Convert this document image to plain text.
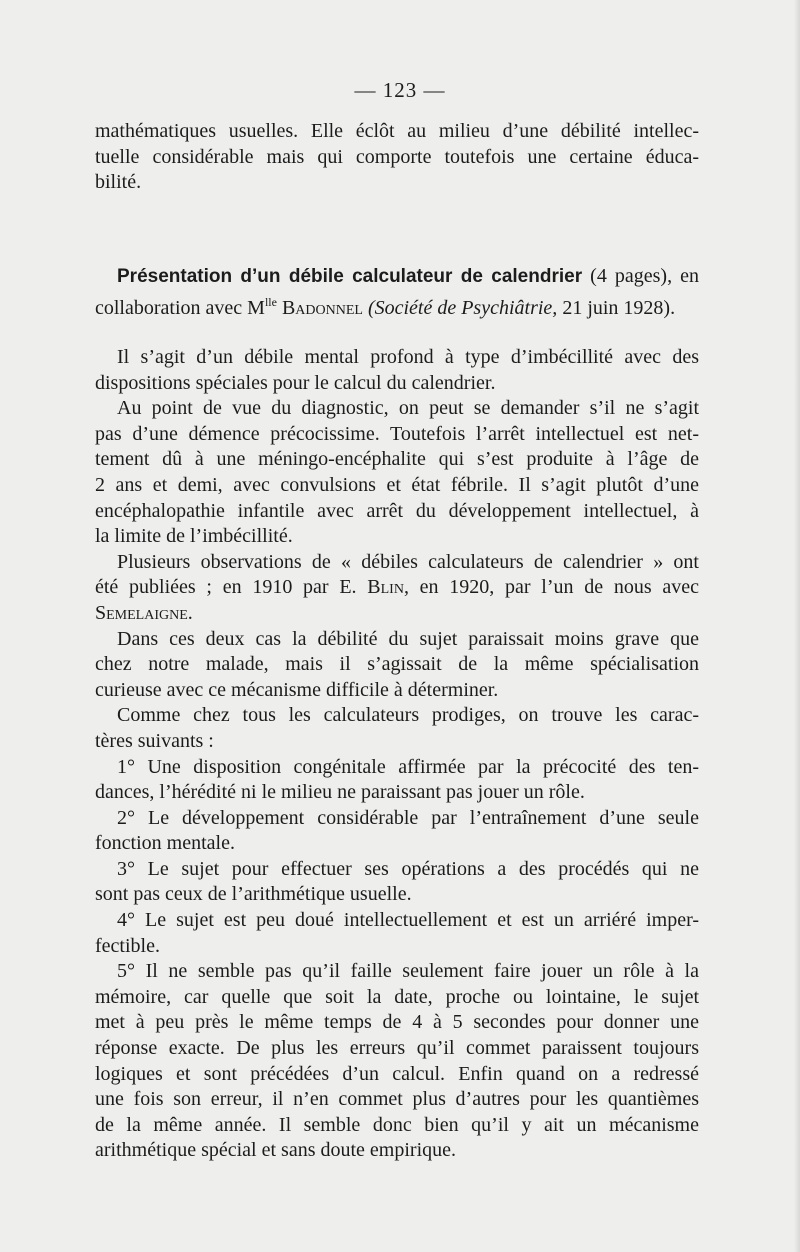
— 123 —
mathématiques usuelles. Elle éclôt au milieu d’une débilité intellec-
tuelle considérable mais qui comporte toutefois une certaine éduca-
bilité.
Présentation d’un débile calculateur de calendrier (4 pages), en
collaboration avec $M^{lle}$ Badonnel (Société de Psychiâtrie, 21 juin 1928).
Il s’agit d’un débile mental profond à type d’imbécillité avec des
dispositions spéciales pour le calcul du calendrier.
Au point de vue du diagnostic, on peut se demander s’il ne s’agit
pas d’une démence précocissime. Toutefois l’arrêt intellectuel est net-
tement dû à une méningo-encéphalite qui s’est produite à l’âge de
2 ans et demi, avec convulsions et état fébrile. Il s’agit plutôt d’une
encéphalopathie infantile avec arrêt du développement intellectuel, à
la limite de l’imbécillité.
Plusieurs observations de « débiles calculateurs de calendrier » ont
été publiées ; en 1910 par E. Blin, en 1920, par l’un de nous avec
Semelaigne.
Dans ces deux cas la débilité du sujet paraissait moins grave que
chez notre malade, mais il s’agissait de la même spécialisation
curieuse avec ce mécanisme difficile à déterminer.
Comme chez tous les calculateurs prodiges, on trouve les carac-
tères suivants :
1° Une disposition congénitale affirmée par la précocité des ten-
dances, l’hérédité ni le milieu ne paraissant pas jouer un rôle.
2° Le développement considérable par l’entraînement d’une seule
fonction mentale.
3° Le sujet pour effectuer ses opérations a des procédés qui ne
sont pas ceux de l’arithmétique usuelle.
4° Le sujet est peu doué intellectuellement et est un arriéré imper-
fectible.
5° Il ne semble pas qu’il faille seulement faire jouer un rôle à la
mémoire, car quelle que soit la date, proche ou lointaine, le sujet
met à peu près le même temps de 4 à 5 secondes pour donner une
réponse exacte. De plus les erreurs qu’il commet paraissent toujours
logiques et sont précédées d’un calcul. Enfin quand on a redressé
une fois son erreur, il n’en commet plus d’autres pour les quantièmes
de la même année. Il semble donc bien qu’il y ait un mécanisme
arithmétique spécial et sans doute empirique.
